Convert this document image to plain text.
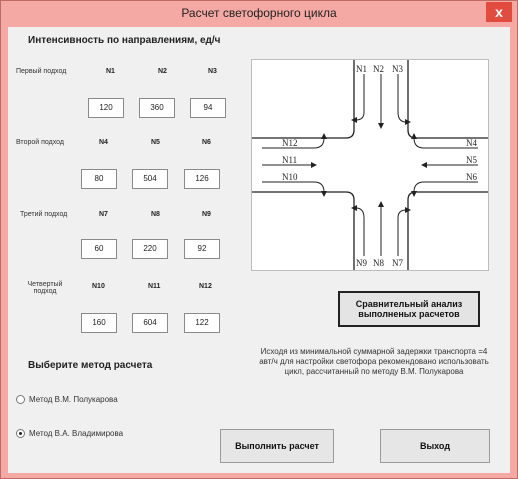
Расчет светофорного цикла	x
Интенсивность по направлениям, ед/ч
Первый подход	N1	N2	N3
120	360	94
Второй подход	N4	N5	N6
80	504	126
Третий подход	N7	N8	N9
60	220	92
Четвертый подход
N10	N11	N12
160	604	122
Выберите метод расчета
Метод В.М. Полукарова
Метод В.А. Владимирова
N1 N2 N3
N4
N5
N6
N9 N8 N7
N12
N11
N10
Сравнительный анализ выполненых расчетов
Исходя из минимальной суммарной задержки транспорта =4 авт/ч для настройки светофора рекомендовано использовать цикл, рассчитанный по методу В.М. Полукарова
Выполнить расчет	Выход
